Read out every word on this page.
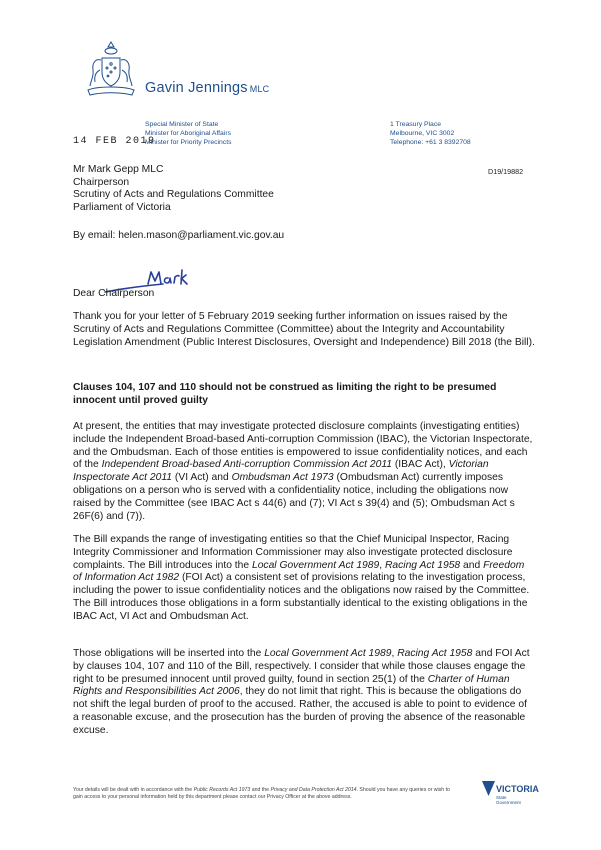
Gavin Jennings MLC
Special Minister of State
Minister for Aboriginal Affairs
Minister for Priority Precincts
1 Treasury Place
Melbourne, VIC 3002
Telephone: +61 3 8392708
14 FEB 2019
D19/19882
Mr Mark Gepp MLC
Chairperson
Scrutiny of Acts and Regulations Committee
Parliament of Victoria
By email: helen.mason@parliament.vic.gov.au
Dear Chairperson
Thank you for your letter of 5 February 2019 seeking further information on issues raised by the Scrutiny of Acts and Regulations Committee (Committee) about the Integrity and Accountability Legislation Amendment (Public Interest Disclosures, Oversight and Independence) Bill 2018 (the Bill).
Clauses 104, 107 and 110 should not be construed as limiting the right to be presumed innocent until proved guilty
At present, the entities that may investigate protected disclosure complaints (investigating entities) include the Independent Broad-based Anti-corruption Commission (IBAC), the Victorian Inspectorate, and the Ombudsman. Each of those entities is empowered to issue confidentiality notices, and each of the Independent Broad-based Anti-corruption Commission Act 2011 (IBAC Act), Victorian Inspectorate Act 2011 (VI Act) and Ombudsman Act 1973 (Ombudsman Act) currently imposes obligations on a person who is served with a confidentiality notice, including the obligations now raised by the Committee (see IBAC Act s 44(6) and (7); VI Act s 39(4) and (5); Ombudsman Act s 26F(6) and (7)).
The Bill expands the range of investigating entities so that the Chief Municipal Inspector, Racing Integrity Commissioner and Information Commissioner may also investigate protected disclosure complaints. The Bill introduces into the Local Government Act 1989, Racing Act 1958 and Freedom of Information Act 1982 (FOI Act) a consistent set of provisions relating to the investigation process, including the power to issue confidentiality notices and the obligations now raised by the Committee. The Bill introduces those obligations in a form substantially identical to the existing obligations in the IBAC Act, VI Act and Ombudsman Act.
Those obligations will be inserted into the Local Government Act 1989, Racing Act 1958 and FOI Act by clauses 104, 107 and 110 of the Bill, respectively. I consider that while those clauses engage the right to be presumed innocent until proved guilty, found in section 25(1) of the Charter of Human Rights and Responsibilities Act 2006, they do not limit that right. This is because the obligations do not shift the legal burden of proof to the accused. Rather, the accused is able to point to evidence of a reasonable excuse, and the prosecution has the burden of proving the absence of the reasonable excuse.
Your details will be dealt with in accordance with the Public Records Act 1973 and the Privacy and Data Protection Act 2014. Should you have any queries or wish to gain access to your personal information held by this department please contact our Privacy Officer at the above address.
VICTORIA
State
Government
